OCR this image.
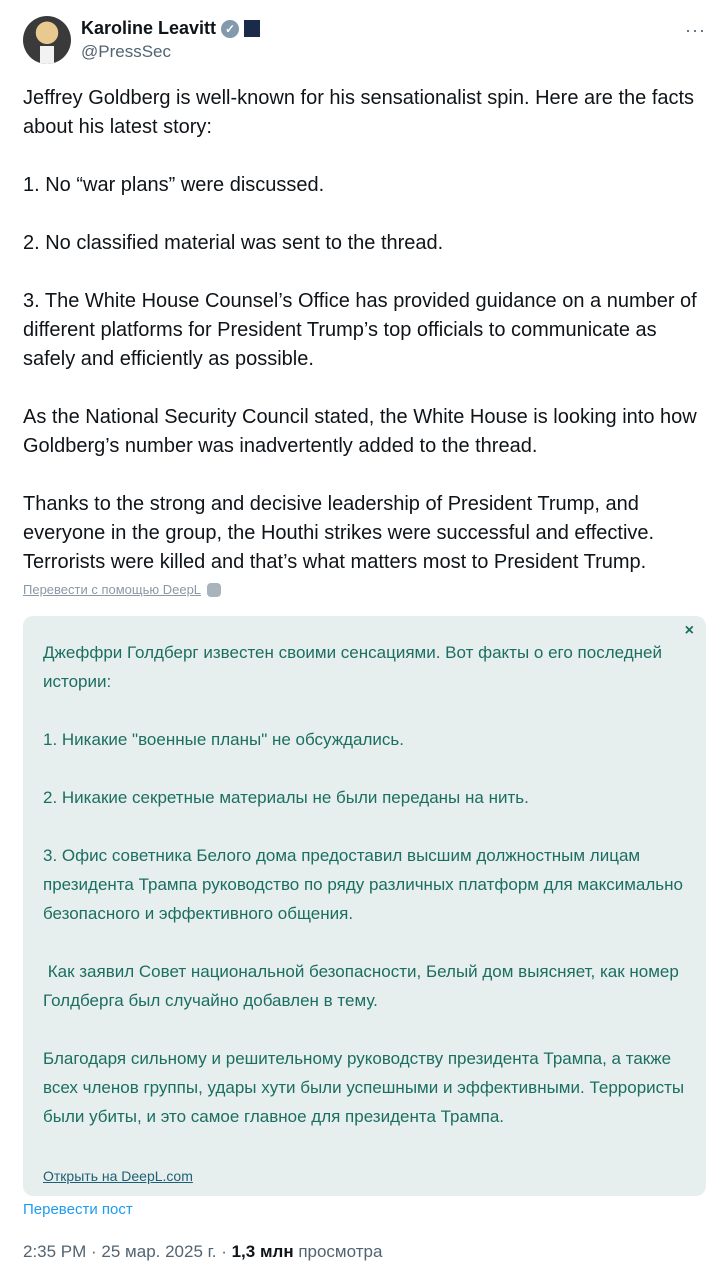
Karoline Leavitt ✓
@PressSec
···

Jeffrey Goldberg is well-known for his sensationalist spin. Here are the facts about his latest story:

1. No “war plans” were discussed.

2. No classified material was sent to the thread.

3. The White House Counsel’s Office has provided guidance on a number of different platforms for President Trump’s top officials to communicate as safely and efficiently as possible.

As the National Security Council stated, the White House is looking into how Goldberg’s number was inadvertently added to the thread.

Thanks to the strong and decisive leadership of President Trump, and everyone in the group, the Houthi strikes were successful and effective. Terrorists were killed and that’s what matters most to President Trump.

Перевести с помощью DeepL
×

Джеффри Голдберг известен своими сенсациями. Вот факты о его последней истории:

1. Никакие "военные планы" не обсуждались.

2. Никакие секретные материалы не были переданы на нить.

3. Офис советника Белого дома предоставил высшим должностным лицам президента Трампа руководство по ряду различных платформ для максимально безопасного и эффективного общения.

Как заявил Совет национальной безопасности, Белый дом выясняет, как номер Голдберга был случайно добавлен в тему.

Благодаря сильному и решительному руководству президента Трампа, а также всех членов группы, удары хути были успешными и эффективными. Террористы были убиты, и это самое главное для президента Трампа.

Открыть на DeepL.com
Перевести пост
2:35 PM · 25 мар. 2025 г. · 1,3 млн просмотра
